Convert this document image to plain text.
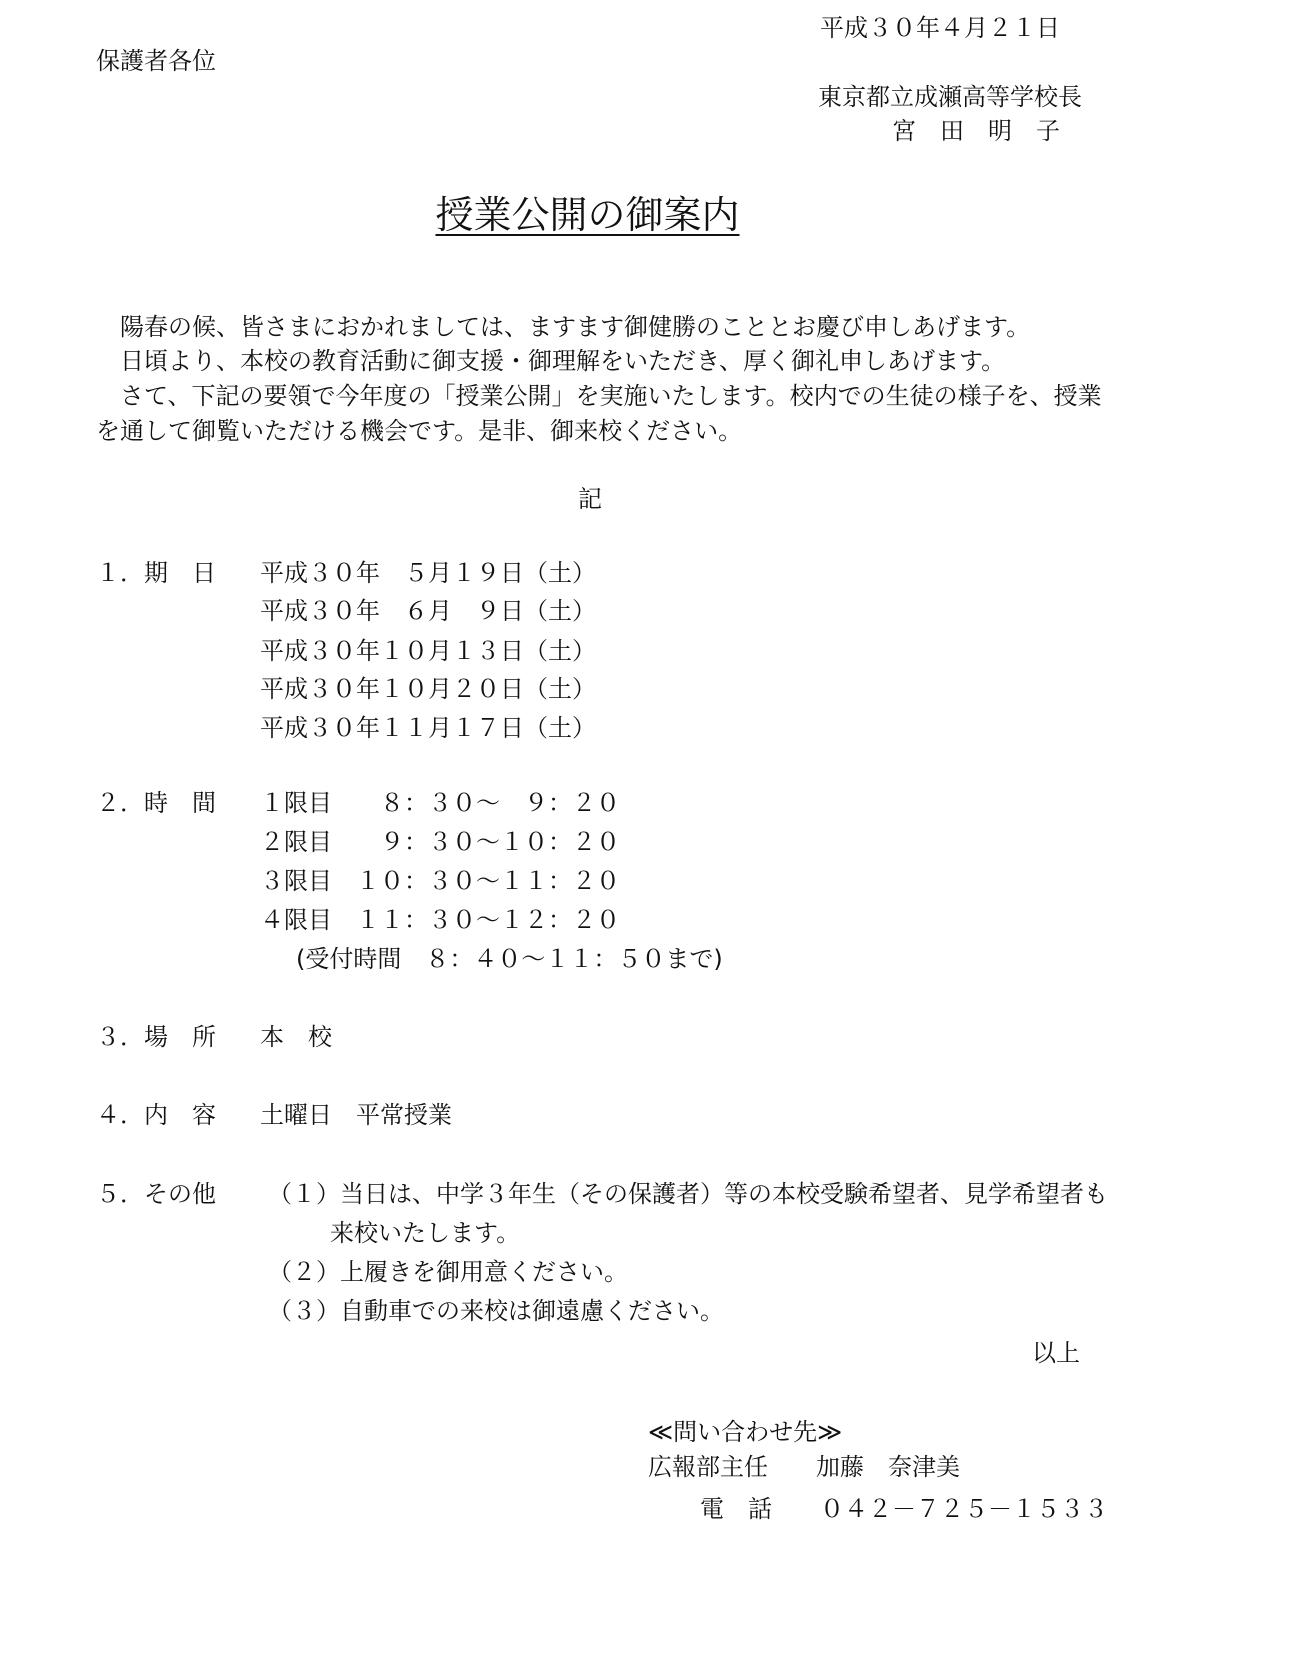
平成３０年４月２１日
保護者各位
東京都立成瀬高等学校長
宮　田　明　子
授業公開の御案内
陽春の候、皆さまにおかれましては、ますます御健勝のこととお慶び申しあげます。
日頃より、本校の教育活動に御支援・御理解をいただき、厚く御礼申しあげます。
さて、下記の要領で今年度の「授業公開」を実施いたします。校内での生徒の様子を、授業
を通して御覧いただける機会です。是非、御来校ください。
記
１．期　日 平成３０年　５月１９日（土）
平成３０年　６月　９日（土）
平成３０年１０月１３日（土）
平成３０年１０月２０日（土）
平成３０年１１月１７日（土）
２．時　間 １限目　　８：３０～　９：２０
２限目　　９：３０～１０：２０
３限目　１０：３０～１１：２０
４限目　１１：３０～１２：２０
(受付時間　８：４０～１１：５０まで)
３．場　所 本　校
４．内　容 土曜日　平常授業
５．その他 （１）当日は、中学３年生（その保護者）等の本校受験希望者、見学希望者も
来校いたします。
（２）上履きを御用意ください。
（３）自動車での来校は御遠慮ください。
以上
≪問い合わせ先≫
広報部主任　　加藤　奈津美
電　話　　０４２－７２５－１５３３
